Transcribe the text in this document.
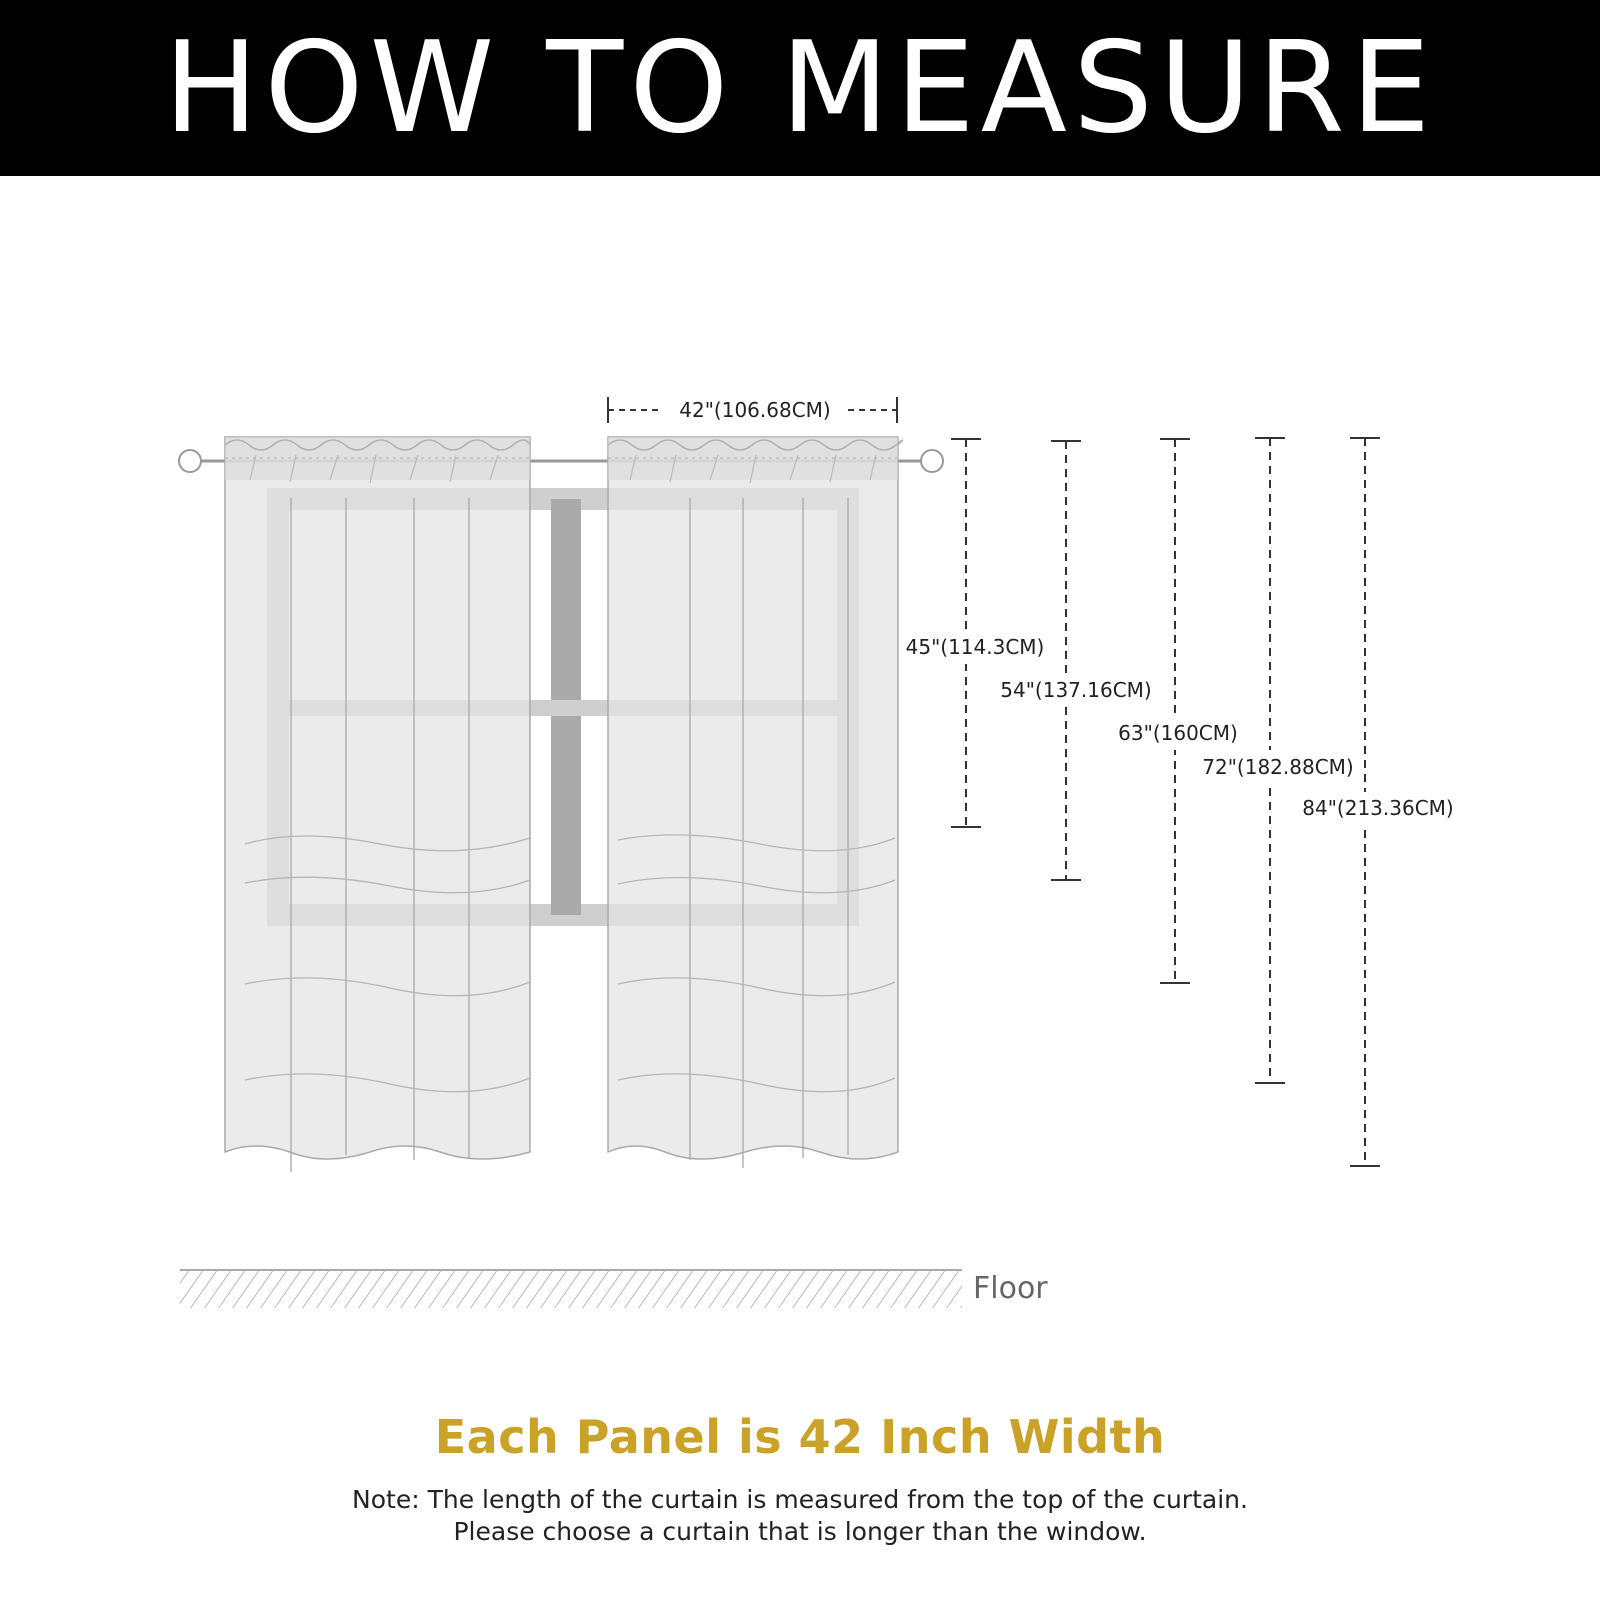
HOW TO MEASURE
42"(106.68CM)
45"(114.3CM)
54"(137.16CM)
63"(160CM)
72"(182.88CM)
84"(213.36CM)
Floor

Each Panel is 42 Inch Width

Note: The length of the curtain is measured from the top of the curtain.

Please choose a curtain that is longer than the window.
